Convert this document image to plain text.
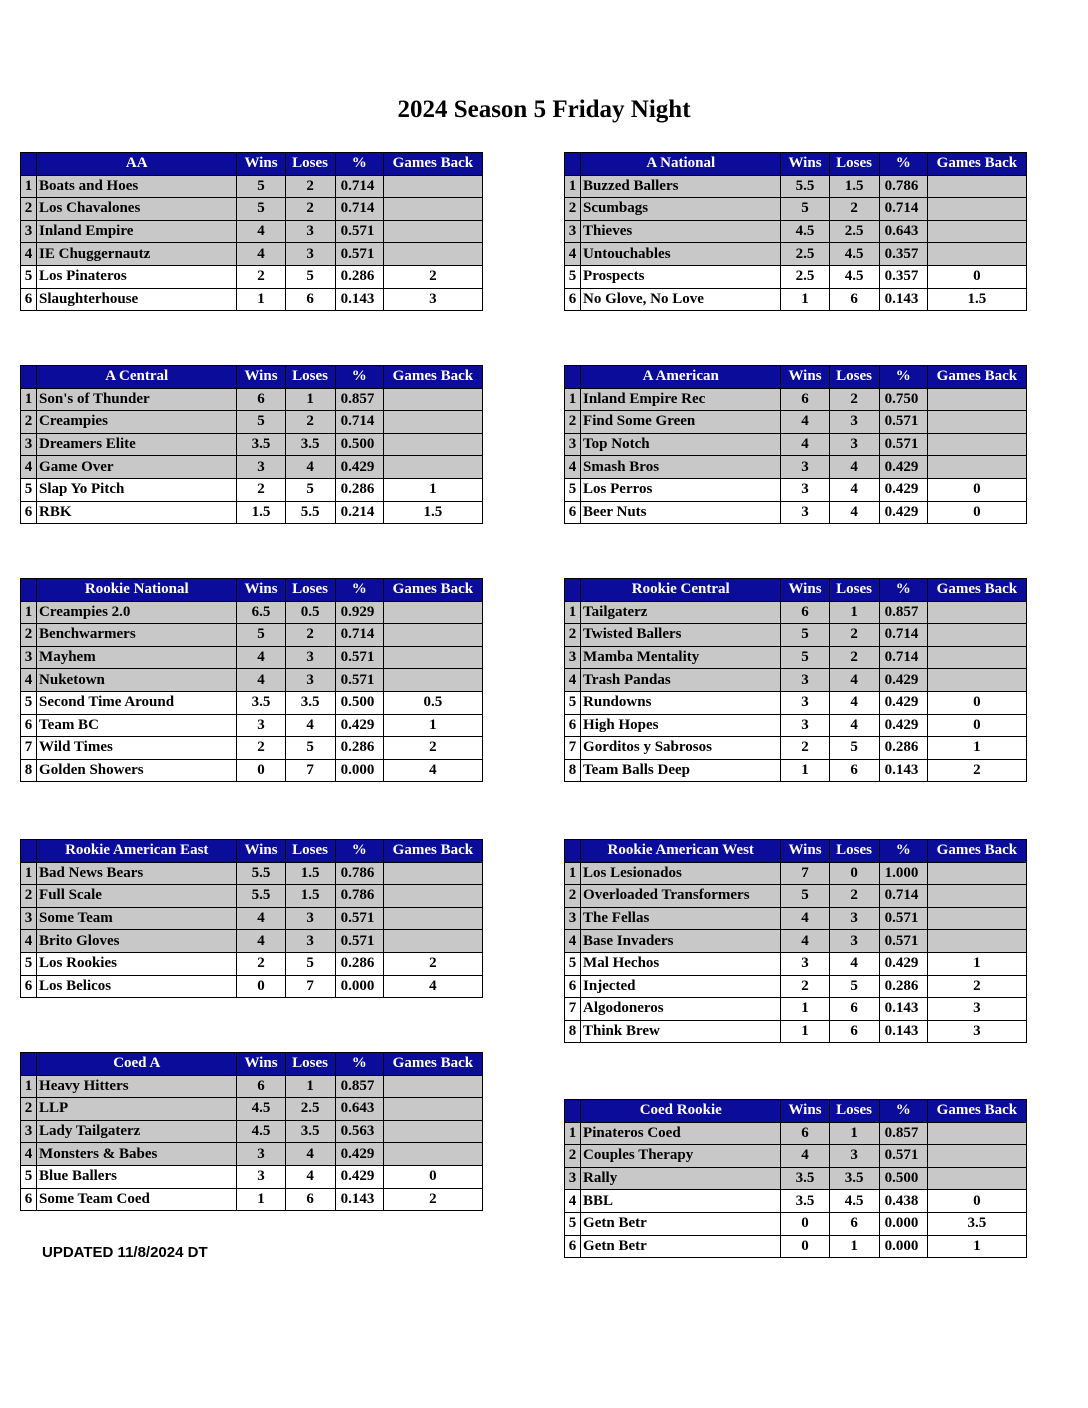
2024 Season 5 Friday Night
	AA	Wins	Loses	%	Games Back
1	Boats and Hoes	5	2	0.714	
2	Los Chavalones	5	2	0.714	
3	Inland Empire	4	3	0.571	
4	IE Chuggernautz	4	3	0.571	
5	Los Pinateros	2	5	0.286	2
6	Slaughterhouse	1	6	0.143	3
	A National	Wins	Loses	%	Games Back
1	Buzzed Ballers	5.5	1.5	0.786	
2	Scumbags	5	2	0.714	
3	Thieves	4.5	2.5	0.643	
4	Untouchables	2.5	4.5	0.357	
5	Prospects	2.5	4.5	0.357	0
6	No Glove, No Love	1	6	0.143	1.5
	A Central	Wins	Loses	%	Games Back
1	Son's of Thunder	6	1	0.857	
2	Creampies	5	2	0.714	
3	Dreamers Elite	3.5	3.5	0.500	
4	Game Over	3	4	0.429	
5	Slap Yo Pitch	2	5	0.286	1
6	RBK	1.5	5.5	0.214	1.5
	A American	Wins	Loses	%	Games Back
1	Inland Empire Rec	6	2	0.750	
2	Find Some Green	4	3	0.571	
3	Top Notch	4	3	0.571	
4	Smash Bros	3	4	0.429	
5	Los Perros	3	4	0.429	0
6	Beer Nuts	3	4	0.429	0
	Rookie National	Wins	Loses	%	Games Back
1	Creampies 2.0	6.5	0.5	0.929	
2	Benchwarmers	5	2	0.714	
3	Mayhem	4	3	0.571	
4	Nuketown	4	3	0.571	
5	Second Time Around	3.5	3.5	0.500	0.5
6	Team BC	3	4	0.429	1
7	Wild Times	2	5	0.286	2
8	Golden Showers	0	7	0.000	4
	Rookie Central	Wins	Loses	%	Games Back
1	Tailgaterz	6	1	0.857	
2	Twisted Ballers	5	2	0.714	
3	Mamba Mentality	5	2	0.714	
4	Trash Pandas	3	4	0.429	
5	Rundowns	3	4	0.429	0
6	High Hopes	3	4	0.429	0
7	Gorditos y Sabrosos	2	5	0.286	1
8	Team Balls Deep	1	6	0.143	2
	Rookie American East	Wins	Loses	%	Games Back
1	Bad News Bears	5.5	1.5	0.786	
2	Full Scale	5.5	1.5	0.786	
3	Some Team	4	3	0.571	
4	Brito Gloves	4	3	0.571	
5	Los Rookies	2	5	0.286	2
6	Los Belicos	0	7	0.000	4
	Rookie American West	Wins	Loses	%	Games Back
1	Los Lesionados	7	0	1.000	
2	Overloaded Transformers	5	2	0.714	
3	The Fellas	4	3	0.571	
4	Base Invaders	4	3	0.571	
5	Mal Hechos	3	4	0.429	1
6	Injected	2	5	0.286	2
7	Algodoneros	1	6	0.143	3
8	Think Brew	1	6	0.143	3
	Coed A	Wins	Loses	%	Games Back
1	Heavy Hitters	6	1	0.857	
2	LLP	4.5	2.5	0.643	
3	Lady Tailgaterz	4.5	3.5	0.563	
4	Monsters & Babes	3	4	0.429	
5	Blue Ballers	3	4	0.429	0
6	Some Team Coed	1	6	0.143	2
	Coed Rookie	Wins	Loses	%	Games Back
1	Pinateros Coed	6	1	0.857	
2	Couples Therapy	4	3	0.571	
3	Rally	3.5	3.5	0.500	
4	BBL	3.5	4.5	0.438	0
5	Getn Betr	0	6	0.000	3.5
6	Getn Betr	0	1	0.000	1
UPDATED 11/8/2024 DT
